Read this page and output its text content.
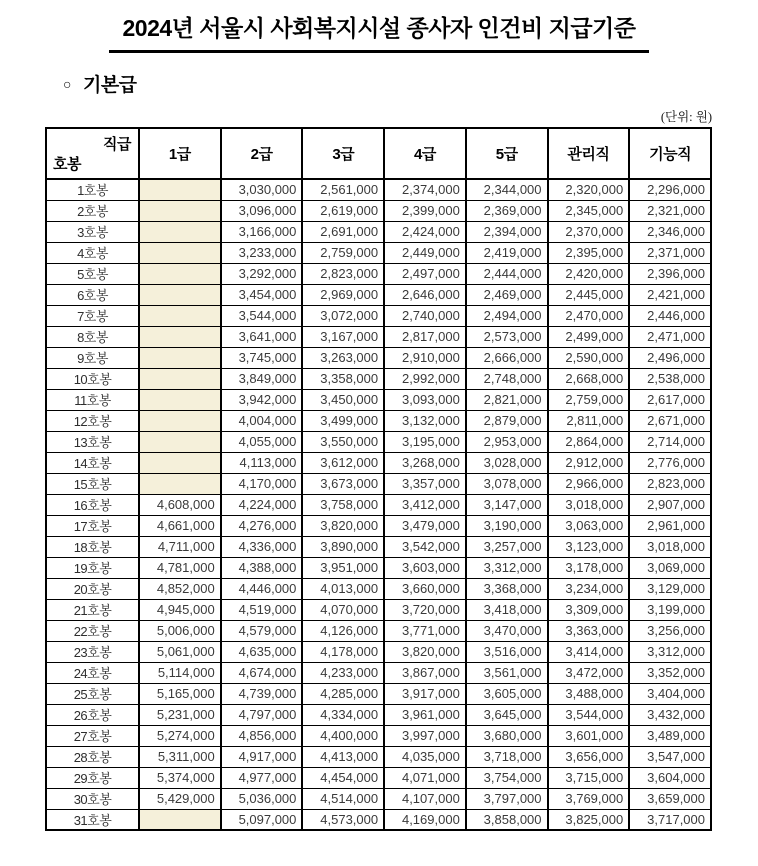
2024년 서울시 사회복지시설 종사자 인건비 지급기준
○ 기본급
(단위: 원)
직급
호봉	1급	2급	3급	4급	5급	관리직	기능직
1호봉		3,030,000	2,561,000	2,374,000	2,344,000	2,320,000	2,296,000
2호봉		3,096,000	2,619,000	2,399,000	2,369,000	2,345,000	2,321,000
3호봉		3,166,000	2,691,000	2,424,000	2,394,000	2,370,000	2,346,000
4호봉		3,233,000	2,759,000	2,449,000	2,419,000	2,395,000	2,371,000
5호봉		3,292,000	2,823,000	2,497,000	2,444,000	2,420,000	2,396,000
6호봉		3,454,000	2,969,000	2,646,000	2,469,000	2,445,000	2,421,000
7호봉		3,544,000	3,072,000	2,740,000	2,494,000	2,470,000	2,446,000
8호봉		3,641,000	3,167,000	2,817,000	2,573,000	2,499,000	2,471,000
9호봉		3,745,000	3,263,000	2,910,000	2,666,000	2,590,000	2,496,000
10호봉		3,849,000	3,358,000	2,992,000	2,748,000	2,668,000	2,538,000
11호봉		3,942,000	3,450,000	3,093,000	2,821,000	2,759,000	2,617,000
12호봉		4,004,000	3,499,000	3,132,000	2,879,000	2,811,000	2,671,000
13호봉		4,055,000	3,550,000	3,195,000	2,953,000	2,864,000	2,714,000
14호봉		4,113,000	3,612,000	3,268,000	3,028,000	2,912,000	2,776,000
15호봉		4,170,000	3,673,000	3,357,000	3,078,000	2,966,000	2,823,000
16호봉	4,608,000	4,224,000	3,758,000	3,412,000	3,147,000	3,018,000	2,907,000
17호봉	4,661,000	4,276,000	3,820,000	3,479,000	3,190,000	3,063,000	2,961,000
18호봉	4,711,000	4,336,000	3,890,000	3,542,000	3,257,000	3,123,000	3,018,000
19호봉	4,781,000	4,388,000	3,951,000	3,603,000	3,312,000	3,178,000	3,069,000
20호봉	4,852,000	4,446,000	4,013,000	3,660,000	3,368,000	3,234,000	3,129,000
21호봉	4,945,000	4,519,000	4,070,000	3,720,000	3,418,000	3,309,000	3,199,000
22호봉	5,006,000	4,579,000	4,126,000	3,771,000	3,470,000	3,363,000	3,256,000
23호봉	5,061,000	4,635,000	4,178,000	3,820,000	3,516,000	3,414,000	3,312,000
24호봉	5,114,000	4,674,000	4,233,000	3,867,000	3,561,000	3,472,000	3,352,000
25호봉	5,165,000	4,739,000	4,285,000	3,917,000	3,605,000	3,488,000	3,404,000
26호봉	5,231,000	4,797,000	4,334,000	3,961,000	3,645,000	3,544,000	3,432,000
27호봉	5,274,000	4,856,000	4,400,000	3,997,000	3,680,000	3,601,000	3,489,000
28호봉	5,311,000	4,917,000	4,413,000	4,035,000	3,718,000	3,656,000	3,547,000
29호봉	5,374,000	4,977,000	4,454,000	4,071,000	3,754,000	3,715,000	3,604,000
30호봉	5,429,000	5,036,000	4,514,000	4,107,000	3,797,000	3,769,000	3,659,000
31호봉		5,097,000	4,573,000	4,169,000	3,858,000	3,825,000	3,717,000
